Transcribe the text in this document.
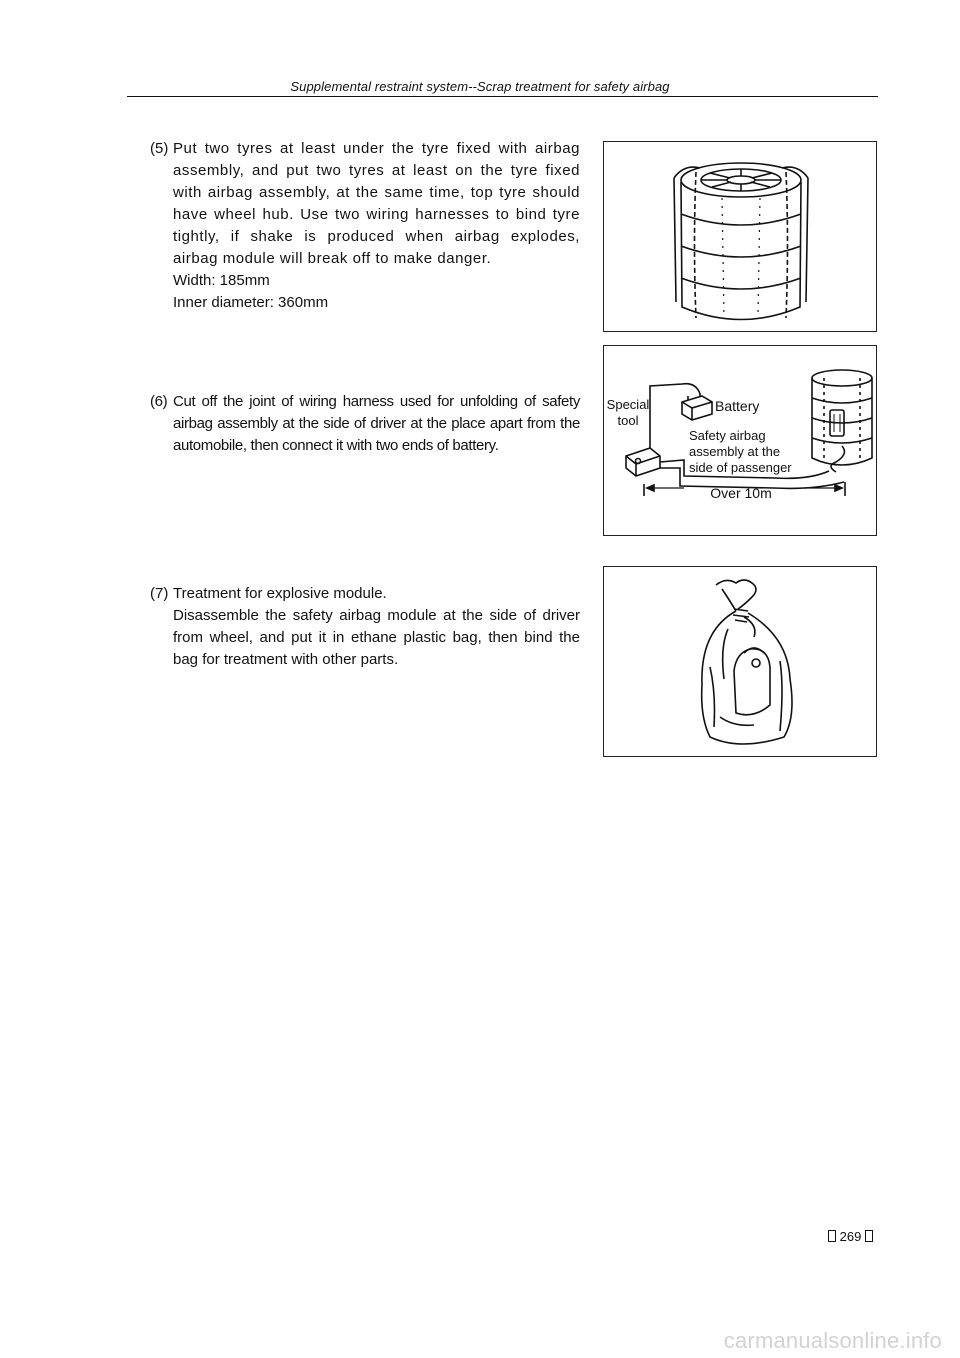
Supplemental restraint system--Scrap treatment for safety airbag
(5) Put two tyres at least under the tyre fixed with airbag assembly, and put two tyres at least on the tyre fixed with airbag assembly, at the same time, top tyre should have wheel hub. Use two wiring harnesses to bind tyre tightly, if shake is produced when airbag explodes, airbag module will break off to make danger.

Width: 185mm

Inner diameter: 360mm

(6) Cut off the joint of wiring harness used for unfolding of safety airbag assembly at the side of driver at the place apart from the automobile, then connect it with two ends of battery.

Special
tool
Battery
Safety airbag
assembly at the
side of passenger
Over 10m
(7) Treatment for explosive module.

Disassemble the safety airbag module at the side of driver from wheel, and put it in ethane plastic bag, then bind the bag for treatment with other parts.

269
carmanualsonline.info
